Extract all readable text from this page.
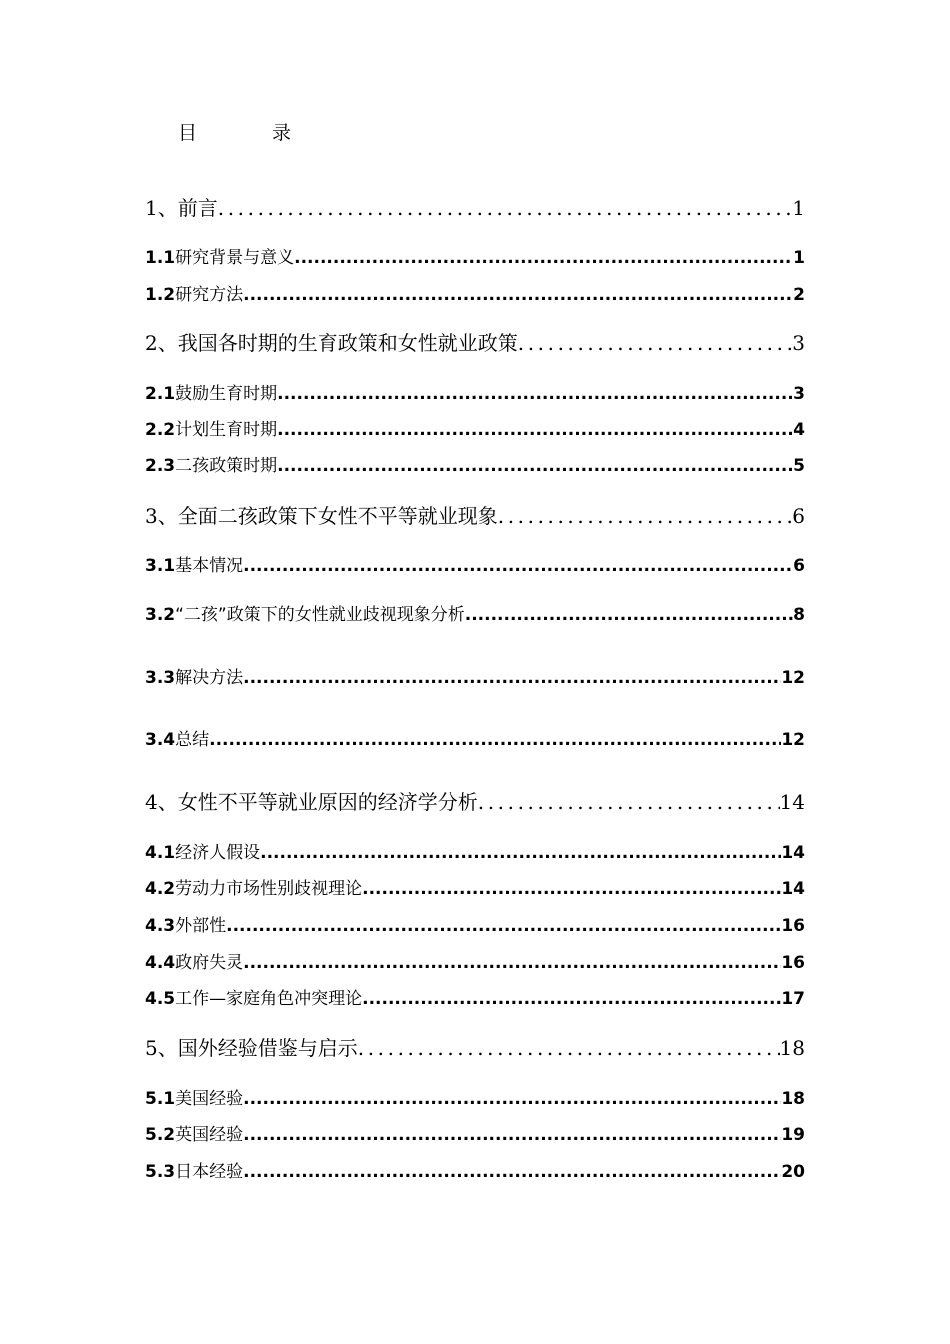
目　录
1、前言 .....	1
1.1研究背景与意义 .....	1
1.2研究方法 .....	2
2、我国各时期的生育政策和女性就业政策 .....	3
2.1鼓励生育时期 .....	3
2.2计划生育时期 .....	4
2.3二孩政策时期 .....	5
3、全面二孩政策下女性不平等就业现象 .....	6
3.1基本情况 .....	6
3.2“二孩”政策下的女性就业歧视现象分析 .....	8
3.3解决方法 .....	12
3.4总结 .....	12
4、女性不平等就业原因的经济学分析 .....	14
4.1经济人假设 .....	14
4.2劳动力市场性别歧视理论 .....	14
4.3外部性 .....	16
4.4政府失灵 .....	16
4.5工作—家庭角色冲突理论 .....	17
5、国外经验借鉴与启示 .....	18
5.1美国经验 .....	18
5.2英国经验 .....	19
5.3日本经验 .....	20
